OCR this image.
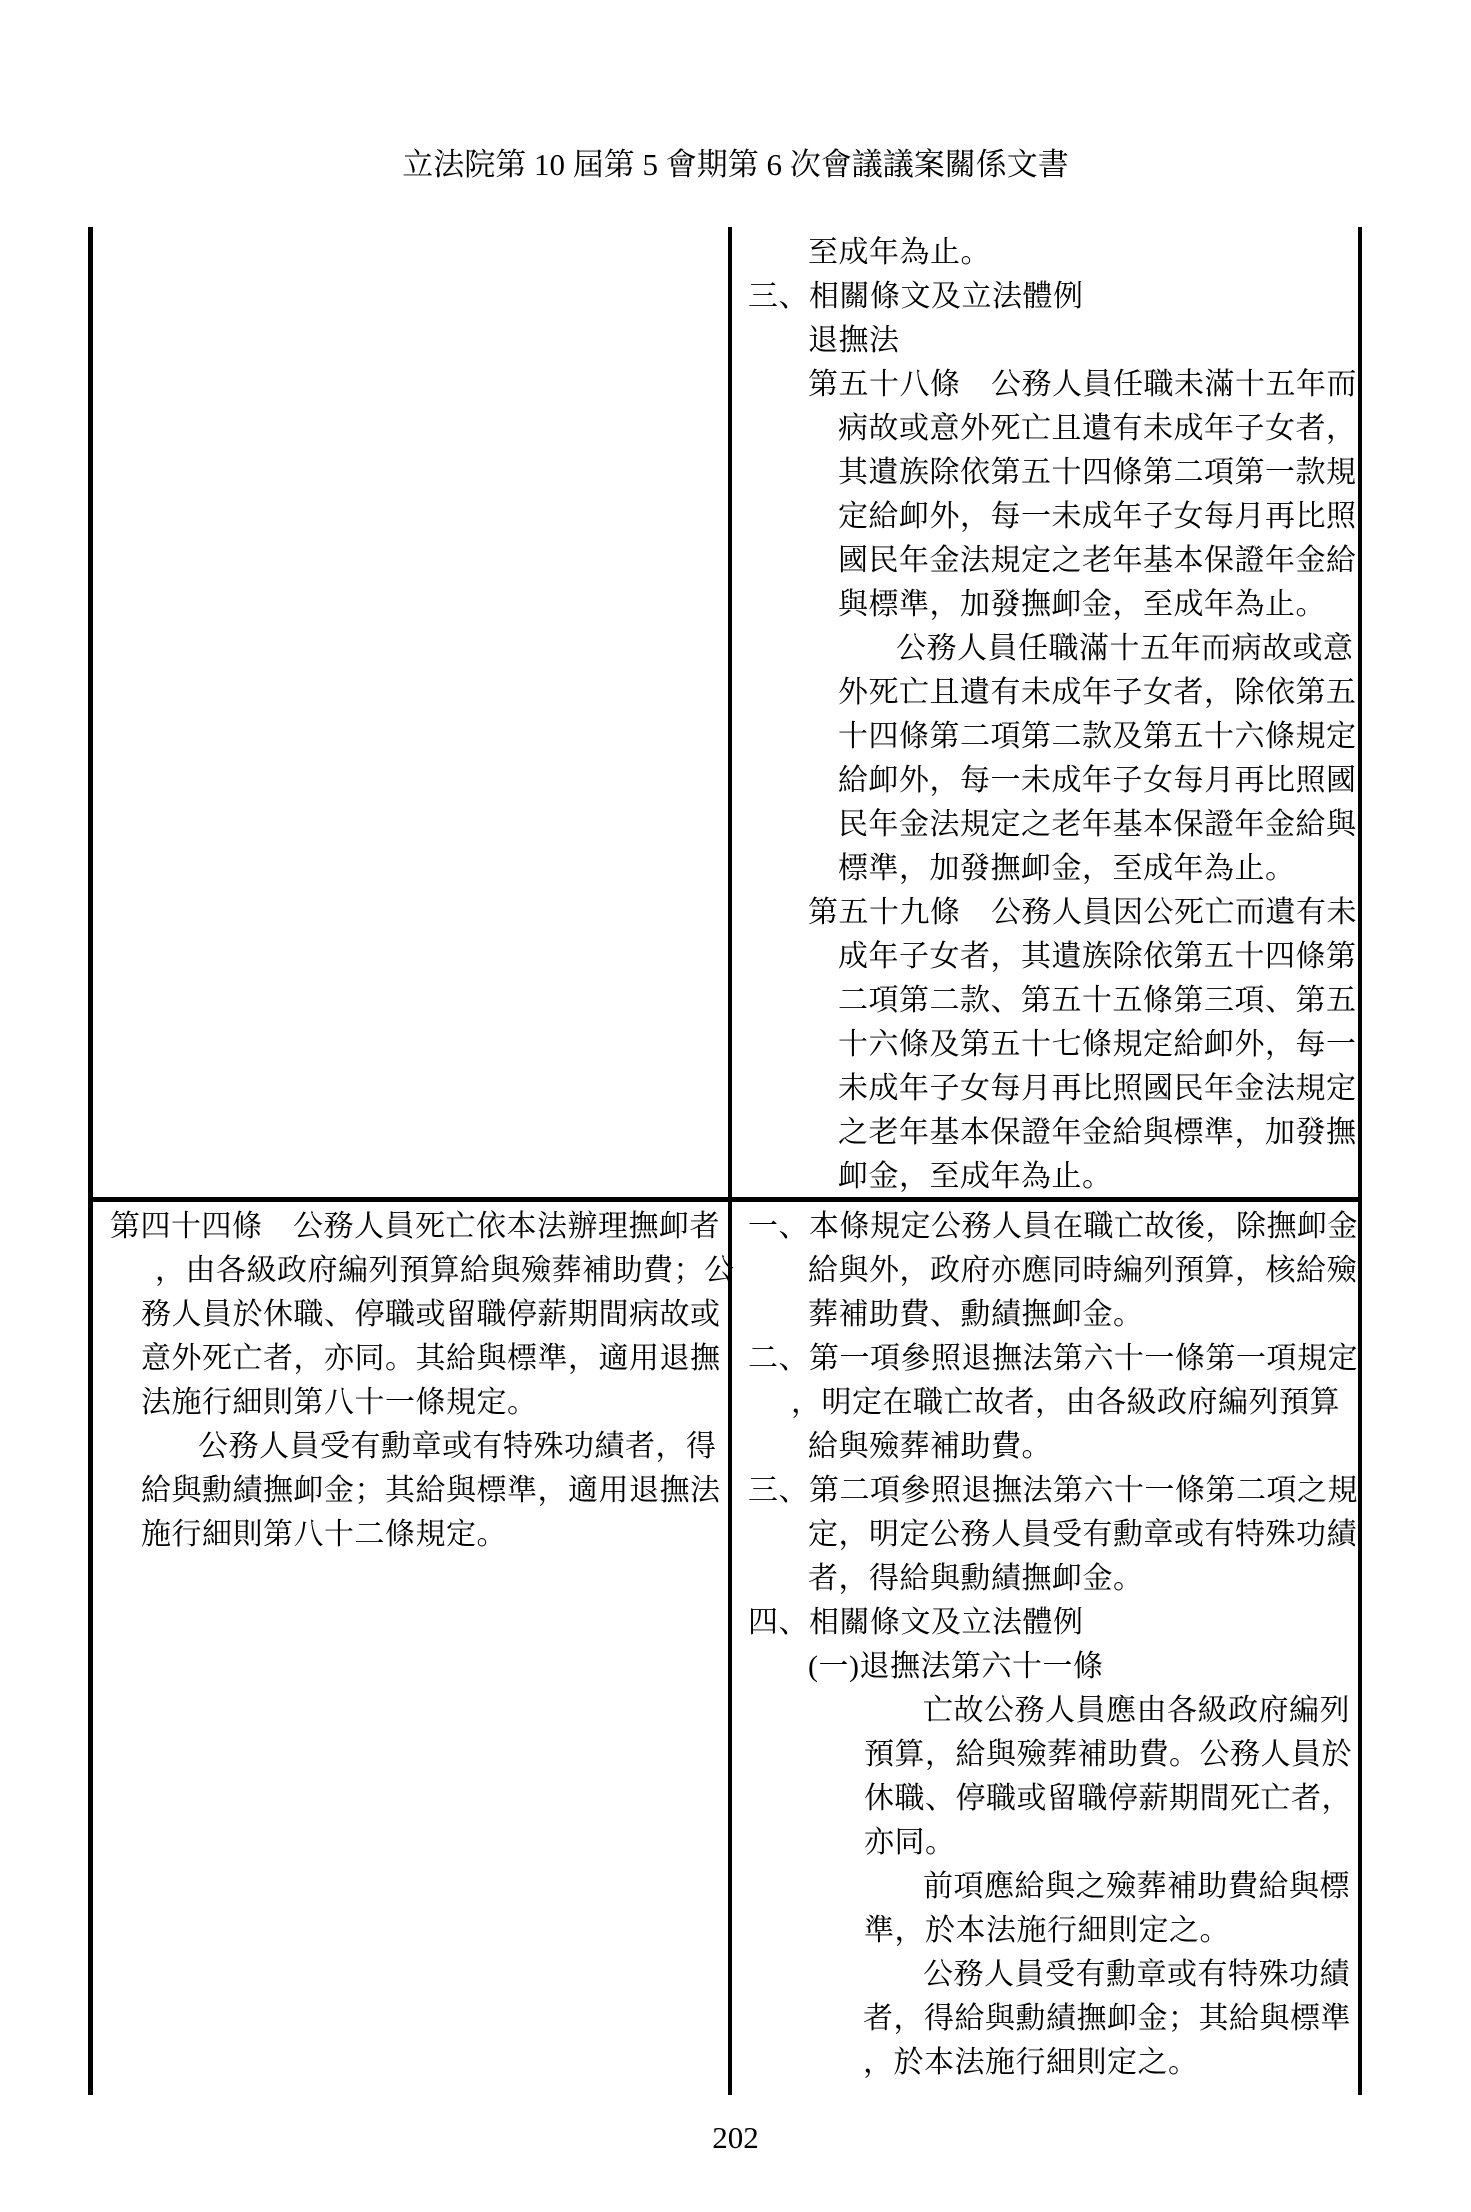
立法院第 10 屆第 5 會期第 6 次會議議案關係文書
至成年為止。
三、相關條文及立法體例
退撫法
第五十八條　公務人員任職未滿十五年而
病故或意外死亡且遺有未成年子女者，
其遺族除依第五十四條第二項第一款規
定給卹外，每一未成年子女每月再比照
國民年金法規定之老年基本保證年金給
與標準，加發撫卹金，至成年為止。
公務人員任職滿十五年而病故或意
外死亡且遺有未成年子女者，除依第五
十四條第二項第二款及第五十六條規定
給卹外，每一未成年子女每月再比照國
民年金法規定之老年基本保證年金給與
標準，加發撫卹金，至成年為止。
第五十九條　公務人員因公死亡而遺有未
成年子女者，其遺族除依第五十四條第
二項第二款、第五十五條第三項、第五
十六條及第五十七條規定給卹外，每一
未成年子女每月再比照國民年金法規定
之老年基本保證年金給與標準，加發撫
卹金，至成年為止。
第四十四條　公務人員死亡依本法辦理撫卹者
，由各級政府編列預算給與殮葬補助費；公
務人員於休職、停職或留職停薪期間病故或
意外死亡者，亦同。其給與標準，適用退撫
法施行細則第八十一條規定。
公務人員受有勳章或有特殊功績者，得
給與勳績撫卹金；其給與標準，適用退撫法
施行細則第八十二條規定。
一、本條規定公務人員在職亡故後，除撫卹金
給與外，政府亦應同時編列預算，核給殮
葬補助費、勳績撫卹金。
二、第一項參照退撫法第六十一條第一項規定
，明定在職亡故者，由各級政府編列預算
給與殮葬補助費。
三、第二項參照退撫法第六十一條第二項之規
定，明定公務人員受有勳章或有特殊功績
者，得給與勳績撫卹金。
四、相關條文及立法體例
(一)退撫法第六十一條
亡故公務人員應由各級政府編列
預算，給與殮葬補助費。公務人員於
休職、停職或留職停薪期間死亡者，
亦同。
前項應給與之殮葬補助費給與標
準，於本法施行細則定之。
公務人員受有勳章或有特殊功績
者，得給與勳績撫卹金；其給與標準
，於本法施行細則定之。
202
